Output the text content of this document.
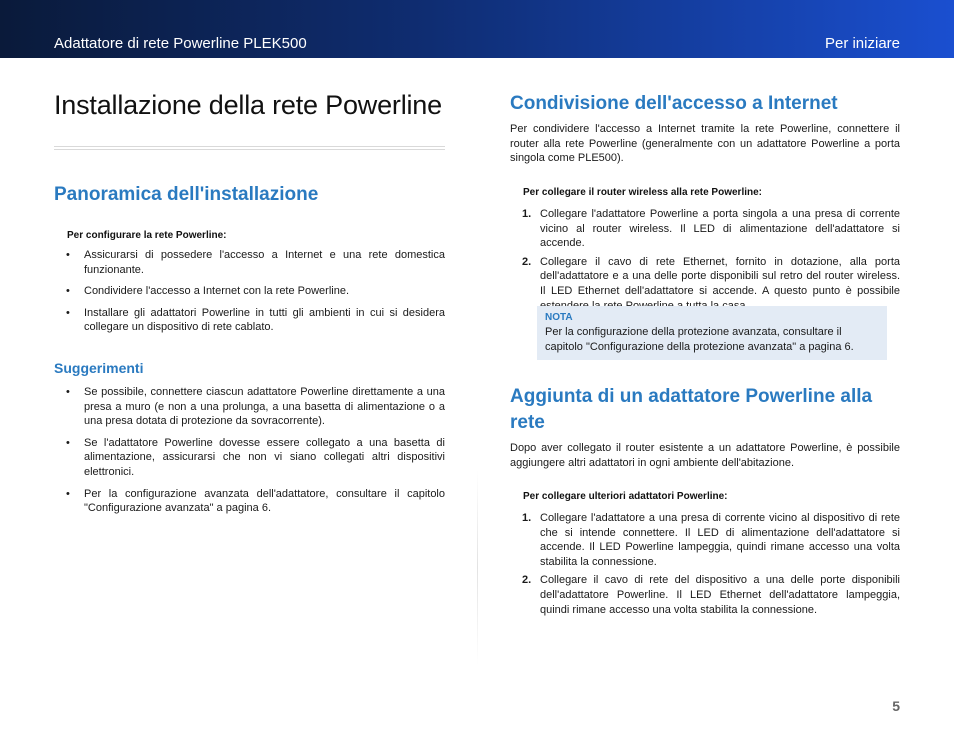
Adattatore di rete Powerline PLEK500	Per iniziare
Installazione della rete Powerline
Panoramica dell'installazione
Per configurare la rete Powerline:
• Assicurarsi di possedere l'accesso a Internet e una rete domestica funzionante.
• Condividere l'accesso a Internet con la rete Powerline.
• Installare gli adattatori Powerline in tutti gli ambienti in cui si desidera collegare un dispositivo di rete cablato.
Suggerimenti
• Se possibile, connettere ciascun adattatore Powerline direttamente a una presa a muro (e non a una prolunga, a una basetta di alimentazione o a una presa dotata di protezione da sovracorrente).
• Se l'adattatore Powerline dovesse essere collegato a una basetta di alimentazione, assicurarsi che non vi siano collegati altri dispositivi elettronici.
• Per la configurazione avanzata dell'adattatore, consultare il capitolo "Configurazione avanzata" a pagina 6.
Condivisione dell'accesso a Internet

Per condividere l'accesso a Internet tramite la rete Powerline, connettere il router alla rete Powerline (generalmente con un adattatore Powerline a porta singola come PLE500).

Per collegare il router wireless alla rete Powerline:
1. Collegare l'adattatore Powerline a porta singola a una presa di corrente vicino al router wireless. Il LED di alimentazione dell'adattatore si accende.
2. Collegare il cavo di rete Ethernet, fornito in dotazione, alla porta dell'adattatore e a una delle porte disponibili sul retro del router wireless. Il LED Ethernet dell'adattatore si accende. A questo punto è possibile
NOTA
Per la configurazione della protezione avanzata, consultare il capitolo "Configurazione della protezione avanzata" a pagina 6.
Aggiunta di un adattatore Powerline alla rete

Dopo aver collegato il router esistente a un adattatore Powerline, è possibile aggiungere altri adattatori in ogni ambiente dell'abitazione.

Per collegare ulteriori adattatori Powerline:
1. Collegare l'adattatore a una presa di corrente vicino al dispositivo di rete che si intende connettere. Il LED di alimentazione dell'adattatore si accende. Il LED Powerline lampeggia, quindi rimane accesso una volta stabilita la connessione.
2. Collegare il cavo di rete del dispositivo a una delle porte disponibili dell'adattatore Powerline. Il LED Ethernet dell'adattatore lampeggia, quindi rimane accesso una volta stabilita la connessione.
5
